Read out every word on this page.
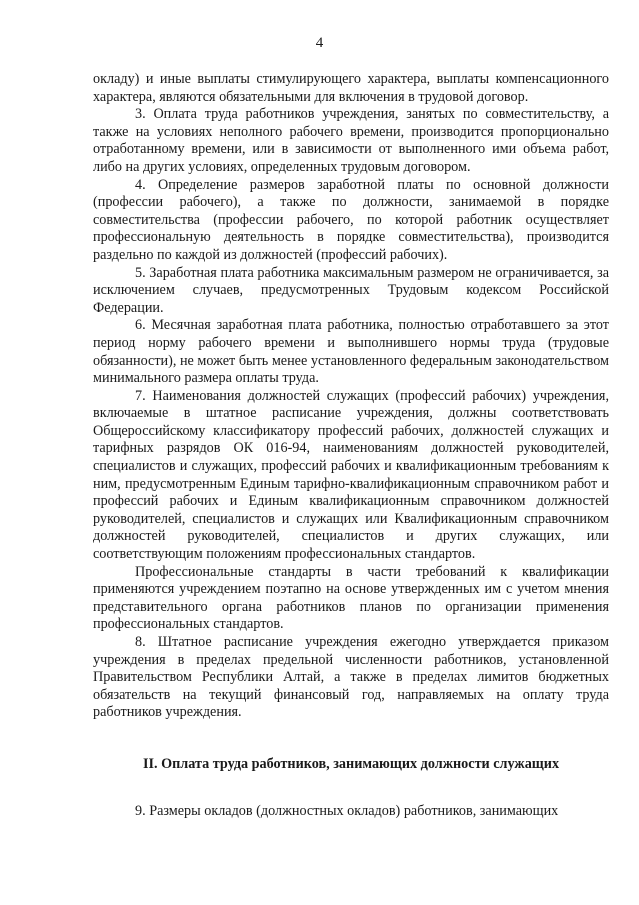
4

окладу) и иные выплаты стимулирующего характера, выплаты компенсационного характера, являются обязательными для включения в трудовой договор.

3. Оплата труда работников учреждения, занятых по совместительству, а также на условиях неполного рабочего времени, производится пропорционально отработанному времени, или в зависимости от выполненного ими объема работ, либо на других условиях, определенных трудовым договором.

4. Определение размеров заработной платы по основной должности (профессии рабочего), а также по должности, занимаемой в порядке совместительства (профессии рабочего, по которой работник осуществляет профессиональную деятельность в порядке совместительства), производится раздельно по каждой из должностей (профессий рабочих).

5. Заработная плата работника максимальным размером не ограничивается, за исключением случаев, предусмотренных Трудовым кодексом Российской Федерации.

6. Месячная заработная плата работника, полностью отработавшего за этот период норму рабочего времени и выполнившего нормы труда (трудовые обязанности), не может быть менее установленного федеральным законодательством минимального размера оплаты труда.

7. Наименования должностей служащих (профессий рабочих) учреждения, включаемые в штатное расписание учреждения, должны соответствовать Общероссийскому классификатору профессий рабочих, должностей служащих и тарифных разрядов ОК 016-94, наименованиям должностей руководителей, специалистов и служащих, профессий рабочих и квалификационным требованиям к ним, предусмотренным Единым тарифно-квалификационным справочником работ и профессий рабочих и Единым квалификационным справочником должностей руководителей, специалистов и служащих или Квалификационным справочником должностей руководителей, специалистов и других служащих, или соответствующим положениям профессиональных стандартов.

Профессиональные стандарты в части требований к квалификации применяются учреждением поэтапно на основе утвержденных им с учетом мнения представительного органа работников планов по организации применения профессиональных стандартов.

8. Штатное расписание учреждения ежегодно утверждается приказом учреждения в пределах предельной численности работников, установленной Правительством Республики Алтай, а также в пределах лимитов бюджетных обязательств на текущий финансовый год, направляемых на оплату труда работников учреждения.

II. Оплата труда работников, занимающих должности служащих

9. Размеры окладов (должностных окладов) работников, занимающих
